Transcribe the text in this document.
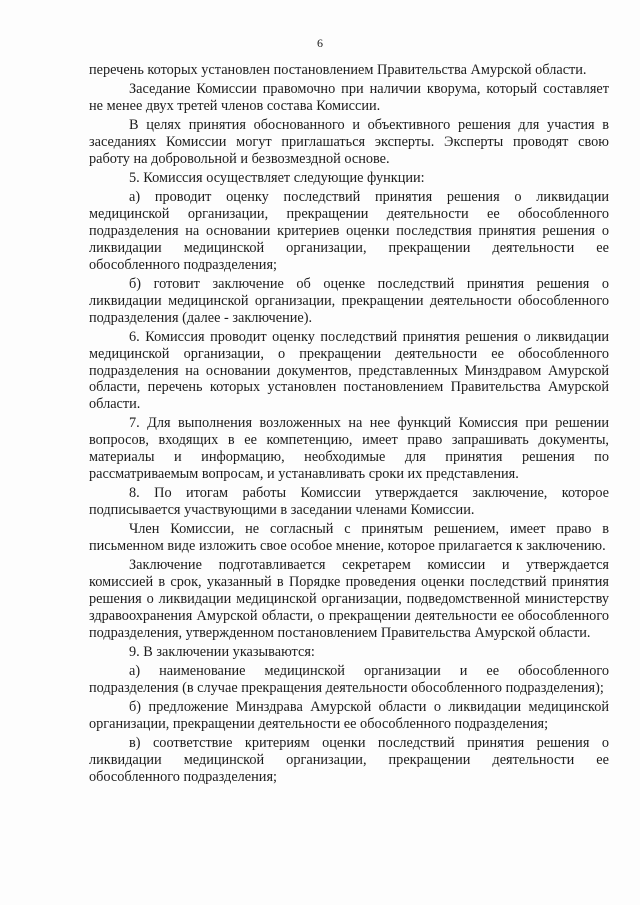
6

перечень которых установлен постановлением Правительства Амурской области.

Заседание Комиссии правомочно при наличии кворума, который составляет не менее двух третей членов состава Комиссии.

В целях принятия обоснованного и объективного решения для участия в заседаниях Комиссии могут приглашаться эксперты. Эксперты проводят свою работу на добровольной и безвозмездной основе.

5. Комиссия осуществляет следующие функции:

а) проводит оценку последствий принятия решения о ликвидации медицинской организации, прекращении деятельности ее обособленного подразделения на основании критериев оценки последствия принятия решения о ликвидации медицинской организации, прекращении деятельности ее обособленного подразделения;

б) готовит заключение об оценке последствий принятия решения о ликвидации медицинской организации, прекращении деятельности обособленного подразделения (далее - заключение).

6. Комиссия проводит оценку последствий принятия решения о ликвидации медицинской организации, о прекращении деятельности ее обособленного подразделения на основании документов, представленных Минздравом Амурской области, перечень которых установлен постановлением Правительства Амурской области.

7. Для выполнения возложенных на нее функций Комиссия при решении вопросов, входящих в ее компетенцию, имеет право запрашивать документы, материалы и информацию, необходимые для принятия решения по рассматриваемым вопросам, и устанавливать сроки их представления.

8. По итогам работы Комиссии утверждается заключение, которое подписывается участвующими в заседании членами Комиссии.

Член Комиссии, не согласный с принятым решением, имеет право в письменном виде изложить свое особое мнение, которое прилагается к заключению.

Заключение подготавливается секретарем комиссии и утверждается комиссией в срок, указанный в Порядке проведения оценки последствий принятия решения о ликвидации медицинской организации, подведомственной министерству здравоохранения Амурской области, о прекращении деятельности ее обособленного подразделения, утвержденном постановлением Правительства Амурской области.

9. В заключении указываются:

а) наименование медицинской организации и ее обособленного подразделения (в случае прекращения деятельности обособленного подразделения);

б) предложение Минздрава Амурской области о ликвидации медицинской организации, прекращении деятельности ее обособленного подразделения;

в) соответствие критериям оценки последствий принятия решения о ликвидации медицинской организации, прекращении деятельности ее обособленного подразделения;
